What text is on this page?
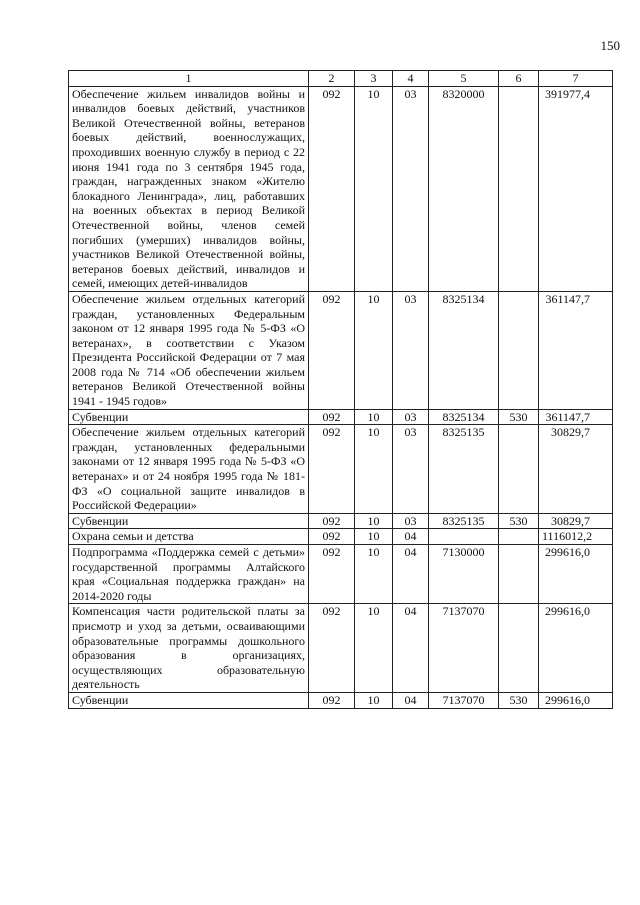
150
1	2	3	4	5	6	7
Обеспечение жильем инвалидов войны и инвалидов боевых действий, участников Великой Отечественной войны, ветеранов боевых действий, военнослужащих, проходивших военную службу в период с 22 июня 1941 года по 3 сентября 1945 года, граждан, награжденных знаком «Жителю блокадного Ленинграда», лиц, работавших на военных объектах в период Великой Отечественной войны, членов семей погибших (умерших) инвалидов войны, участников Великой Отечественной войны, ветеранов боевых действий, инвалидов и семей, имеющих детей-инвалидов	092	10	03	8320000		391977,4
Обеспечение жильем отдельных категорий граждан, установленных Федеральным законом от 12 января 1995 года № 5-ФЗ «О ветеранах», в соответствии с Указом Президента Российской Федерации от 7 мая 2008 года № 714 «Об обеспечении жильем ветеранов Великой Отечественной войны 1941 - 1945 годов»	092	10	03	8325134		361147,7
Субвенции	092	10	03	8325134	530	361147,7
Обеспечение жильем отдельных категорий граждан, установленных федеральными законами от 12 января 1995 года № 5-ФЗ «О ветеранах» и от 24 ноября 1995 года № 181-ФЗ «О социальной защите инвалидов в Российской Федерации»	092	10	03	8325135		30829,7
Субвенции	092	10	03	8325135	530	30829,7
Охрана семьи и детства	092	10	04			1116012,2
Подпрограмма «Поддержка семей с детьми» государственной программы Алтайского края «Социальная поддержка граждан» на 2014-2020 годы	092	10	04	7130000		299616,0
Компенсация части родительской платы за присмотр и уход за детьми, осваивающими образовательные программы дошкольного образования в организациях, осуществляющих образовательную деятельность	092	10	04	7137070		299616,0
Субвенции	092	10	04	7137070	530	299616,0
